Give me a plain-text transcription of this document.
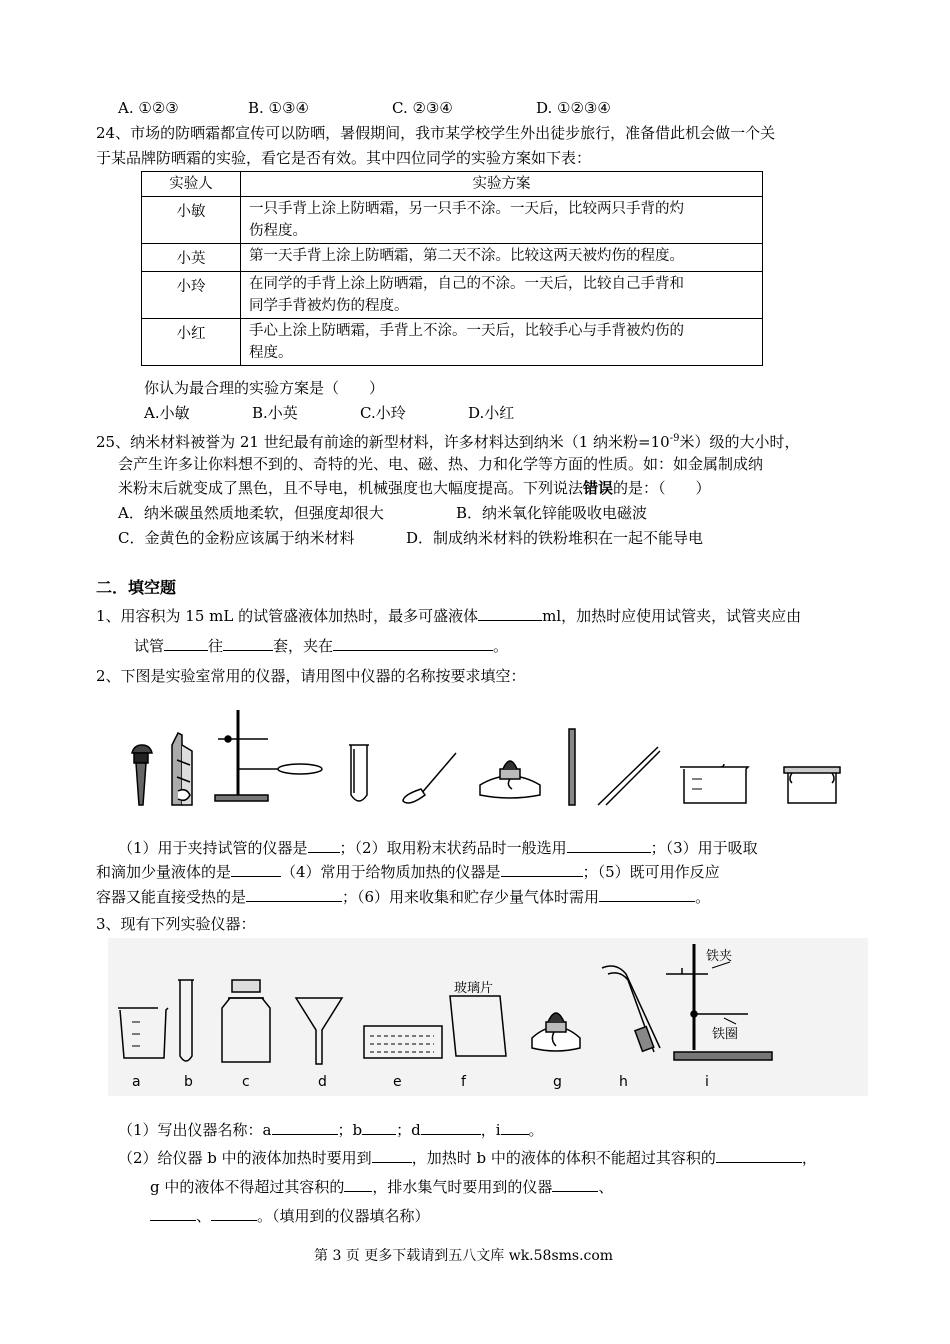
A. ①②③	B. ①③④	C. ②③④	D. ①②③④
24、市场的防晒霜都宣传可以防晒，暑假期间，我市某学校学生外出徒步旅行，准备借此机会做一个关
于某品牌防晒霜的实验，看它是否有效。其中四位同学的实验方案如下表：
实验人	实验方案
小敏	一只手背上涂上防晒霜，另一只手不涂。一天后，比较两只手背的灼
伤程度。
小英	第一天手背上涂上防晒霜，第二天不涂。比较这两天被灼伤的程度。
小玲	在同学的手背上涂上防晒霜，自己的不涂。一天后，比较自己手背和
同学手背被灼伤的程度。
小红	手心上涂上防晒霜，手背上不涂。一天后，比较手心与手背被灼伤的
程度。
你认为最合理的实验方案是（　　）
A.小敏	B.小英	C.小玲	D.小红
25、纳米材料被誉为 21 世纪最有前途的新型材料，许多材料达到纳米（1 纳米粉$=10^{-9}$米）级的大小时，
会产生许多让你料想不到的、奇特的光、电、磁、热、力和化学等方面的性质。如：如金属制成纳
米粉末后就变成了黑色，且不导电，机械强度也大幅度提高。下列说法错误的是：（　　）
A．纳米碳虽然质地柔软，但强度却很大	B．纳米氧化锌能吸收电磁波
C．金黄色的金粉应该属于纳米材料	D．制成纳米材料的铁粉堆积在一起不能导电
二．填空题
1、用容积为 15 mL 的试管盛液体加热时，最多可盛液体	ml，加热时应使用试管夹，试管夹应由
试管	往	套，夹在	。
2、下图是实验室常用的仪器，请用图中仪器的名称按要求填空：
（1）用于夹持试管的仪器是 ；（2）取用粉末状药品时一般选用	；（3）用于吸取
和滴加少量液体的是	（4）常用于给物质加热的仪器是	；（5）既可用作反应
容器又能直接受热的是	；（6）用来收集和贮存少量气体时需用	。
3、现有下列实验仪器：
玻璃片
铁夹
铁圈
a	b	c	d	e	f	g	h	i
（1）写出仪器名称：a	；b ；d	，i 。
（2）给仪器 b 中的液体加热时要用到	，加热时 b 中的液体的体积不能超过其容积的	，
g 中的液体不得超过其容积的 ，排水集气时要用到的仪器	、
、	。（填用到的仪器填名称）
第 3 页 更多下载请到五八文库 wk.58sms.com
